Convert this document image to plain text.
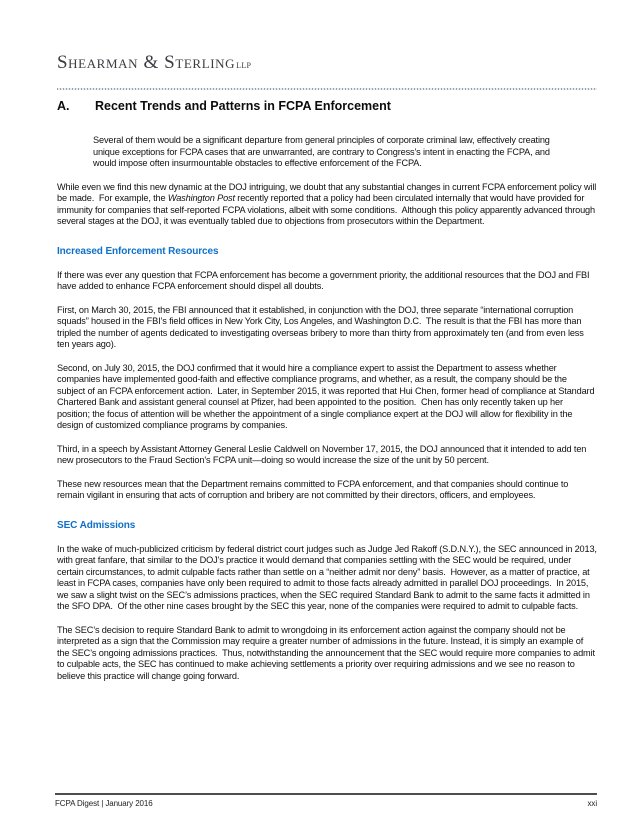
Shearman & SterlingLLP
A.	Recent Trends and Patterns in FCPA Enforcement

Several of them would be a significant departure from general principles of corporate criminal law, effectively creating unique exceptions for FCPA cases that are unwarranted, are contrary to Congress’s intent in enacting the FCPA, and would impose often insurmountable obstacles to effective enforcement of the FCPA.

While even we find this new dynamic at the DOJ intriguing, we doubt that any substantial changes in current FCPA enforcement policy will be made.  For example, the Washington Post recently reported that a policy had been circulated internally that would have provided for immunity for companies that self-reported FCPA violations, albeit with some conditions.  Although this policy apparently advanced through several stages at the DOJ, it was eventually tabled due to objections from prosecutors within the Department.

Increased Enforcement Resources

If there was ever any question that FCPA enforcement has become a government priority, the additional resources that the DOJ and FBI have added to enhance FCPA enforcement should dispel all doubts.

First, on March 30, 2015, the FBI announced that it established, in conjunction with the DOJ, three separate “international corruption squads” housed in the FBI’s field offices in New York City, Los Angeles, and Washington D.C.  The result is that the FBI has more than tripled the number of agents dedicated to investigating overseas bribery to more than thirty from approximately ten (and from even less ten years ago).

Second, on July 30, 2015, the DOJ confirmed that it would hire a compliance expert to assist the Department to assess whether companies have implemented good-faith and effective compliance programs, and whether, as a result, the company should be the subject of an FCPA enforcement action.  Later, in September 2015, it was reported that Hui Chen, former head of compliance at Standard Chartered Bank and assistant general counsel at Pfizer, had been appointed to the position.  Chen has only recently taken up her position; the focus of attention will be whether the appointment of a single compliance expert at the DOJ will allow for flexibility in the design of customized compliance programs by companies.

Third, in a speech by Assistant Attorney General Leslie Caldwell on November 17, 2015, the DOJ announced that it intended to add ten new prosecutors to the Fraud Section’s FCPA unit—doing so would increase the size of the unit by 50 percent.

These new resources mean that the Department remains committed to FCPA enforcement, and that companies should continue to remain vigilant in ensuring that acts of corruption and bribery are not committed by their directors, officers, and employees.

SEC Admissions

In the wake of much-publicized criticism by federal district court judges such as Judge Jed Rakoff (S.D.N.Y.), the SEC announced in 2013, with great fanfare, that similar to the DOJ’s practice it would demand that companies settling with the SEC would be required, under certain circumstances, to admit culpable facts rather than settle on a “neither admit nor deny” basis.  However, as a matter of practice, at least in FCPA cases, companies have only been required to admit to those facts already admitted in parallel DOJ proceedings.  In 2015, we saw a slight twist on the SEC’s admissions practices, when the SEC required Standard Bank to admit to the same facts it admitted in the SFO DPA.  Of the other nine cases brought by the SEC this year, none of the companies were required to admit to culpable facts.

The SEC’s decision to require Standard Bank to admit to wrongdoing in its enforcement action against the company should not be interpreted as a sign that the Commission may require a greater number of admissions in the future. Instead, it is simply an example of the SEC’s ongoing admissions practices.  Thus, notwithstanding the announcement that the SEC would require more companies to admit to culpable acts, the SEC has continued to make achieving settlements a priority over requiring admissions and we see no reason to believe this practice will change going forward.

FCPA Digest | January 2016	xxi
